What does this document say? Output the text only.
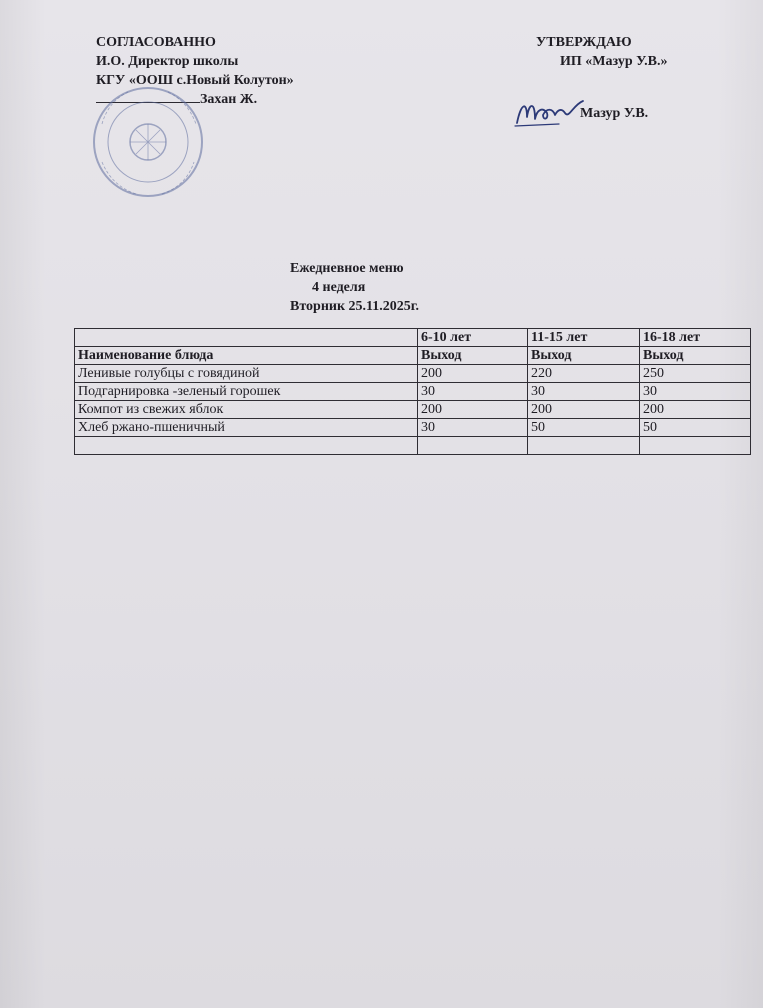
СОГЛАСОВАННО
И.О. Директор школы
КГУ «ООШ с.Новый Колутон»
Захан Ж.
УТВЕРЖДАЮ
ИП «Мазур У.В.»
Мазур У.В.
Ежедневное меню
4 неделя
Вторник 25.11.2025г.
	6-10 лет	11-15 лет	16-18 лет
Наименование блюда	Выход	Выход	Выход
Ленивые голубцы с говядиной	200	220	250
Подгарнировка -зеленый горошек	30	30	30
Компот из свежих яблок	200	200	200
Хлеб ржано-пшеничный	30	50	50
